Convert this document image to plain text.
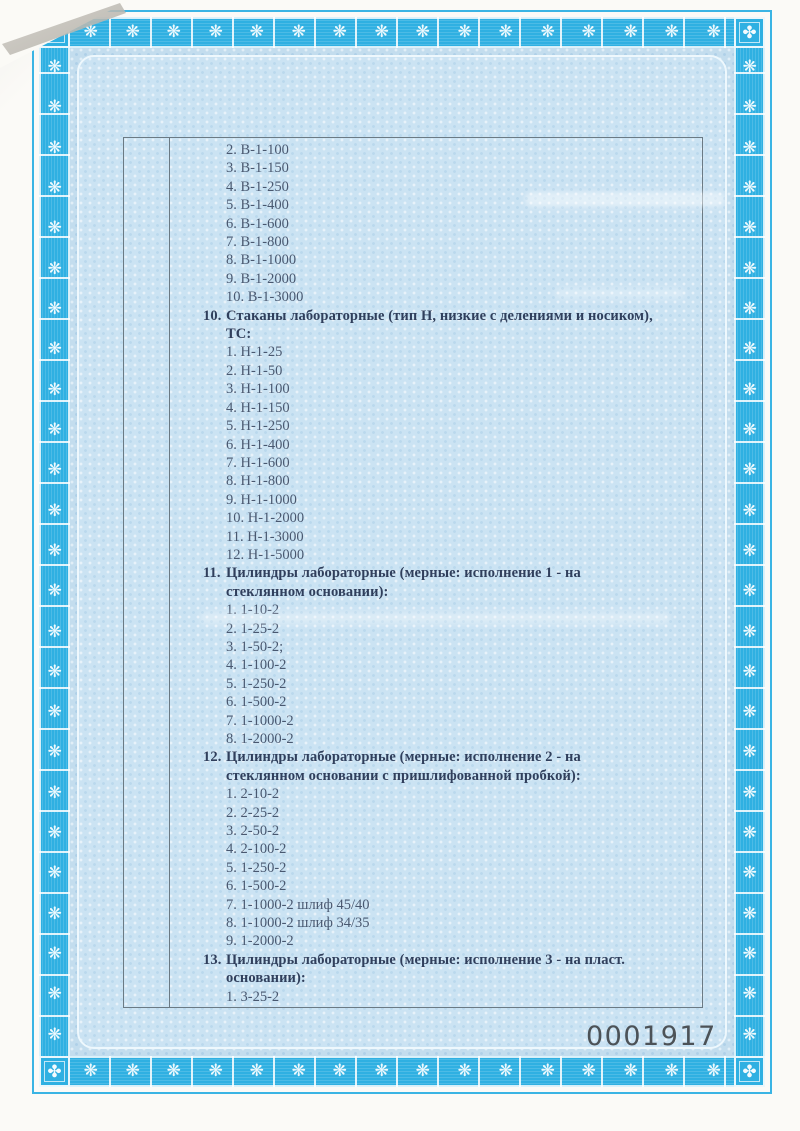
❋ ❋ ❋ ❋ ❋ ❋ ❋ ❋ ❋ ❋ ❋ ❋ ❋ ❋ ❋ ❋ ✤
❋
❋
❋
❋
❋
❋
❋
❋
❋
❋
❋
❋
❋
❋
❋
❋
❋
❋
❋
❋
❋
❋
❋
❋
❋
❋
❋
❋
❋
❋
❋
❋
❋
❋
❋
❋
❋
❋
❋
❋
❋
❋
❋
❋
❋
❋
❋
❋
❋
❋
✤ ❋ ❋ ❋ ❋ ❋ ❋ ❋ ❋ ❋ ❋ ❋ ❋ ❋ ❋ ❋ ❋ ✤
2. В-1-100
3. В-1-150
4. В-1-250
5. В-1-400
6. В-1-600
7. В-1-800
8. В-1-1000
9. В-1-2000
10. В-1-3000
10. Стаканы лабораторные (тип Н, низкие с делениями и носиком),
ТС:
1. Н-1-25
2. Н-1-50
3. Н-1-100
4. Н-1-150
5. Н-1-250
6. Н-1-400
7. Н-1-600
8. Н-1-800
9. Н-1-1000
10. Н-1-2000
11. Н-1-3000
12. Н-1-5000
11. Цилиндры лабораторные (мерные: исполнение 1 - на
стеклянном основании):
1. 1-10-2
2. 1-25-2
3. 1-50-2;
4. 1-100-2
5. 1-250-2
6. 1-500-2
7. 1-1000-2
8. 1-2000-2
12. Цилиндры лабораторные (мерные: исполнение 2 - на
стеклянном основании с пришлифованной пробкой):
1. 2-10-2
2. 2-25-2
3. 2-50-2
4. 2-100-2
5. 1-250-2
6. 1-500-2
7. 1-1000-2 шлиф 45/40
8. 1-1000-2 шлиф 34/35
9. 1-2000-2
13. Цилиндры лабораторные (мерные: исполнение 3 - на пласт.
основании):
1. 3-25-2
0001917
